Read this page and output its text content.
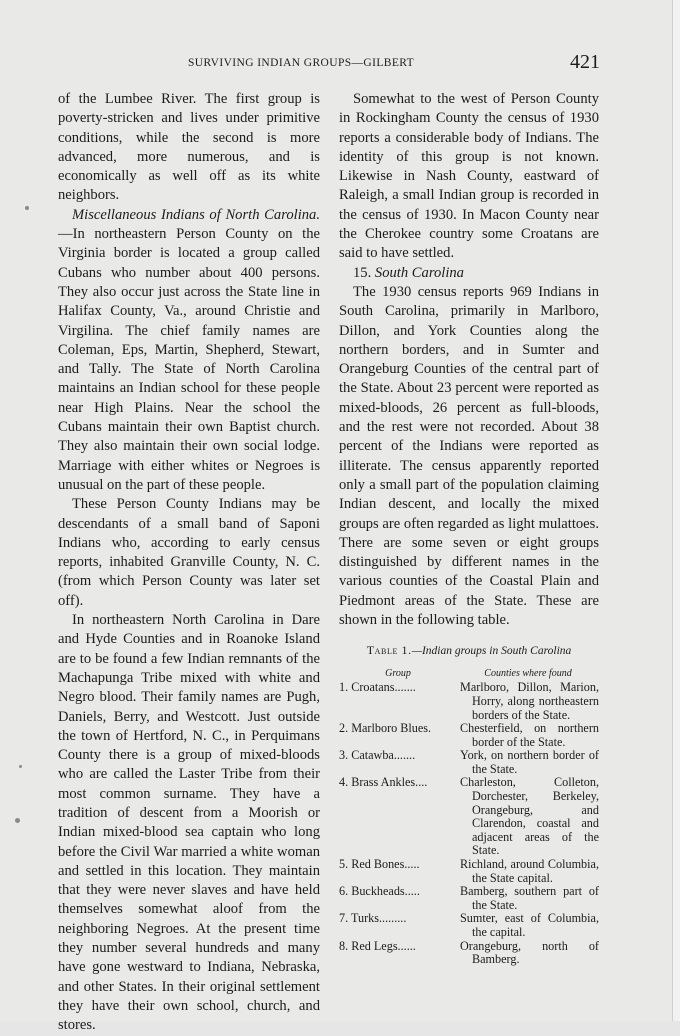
SURVIVING INDIAN GROUPS—GILBERT	421

of the Lumbee River. The first group is poverty-stricken and lives under primitive conditions, while the second is more advanced, more numerous, and is economically as well off as its white neighbors.

Miscellaneous Indians of North Carolina.—In northeastern Person County on the Virginia border is located a group called Cubans who number about 400 persons. They also occur just across the State line in Halifax County, Va., around Christie and Virgilina. The chief family names are Coleman, Eps, Martin, Shepherd, Stewart, and Tally. The State of North Carolina maintains an Indian school for these people near High Plains. Near the school the Cubans maintain their own Baptist church. They also maintain their own social lodge. Marriage with either whites or Negroes is unusual on the part of these people.

These Person County Indians may be descendants of a small band of Saponi Indians who, according to early census reports, inhabited Granville County, N. C. (from which Person County was later set off).

In northeastern North Carolina in Dare and Hyde Counties and in Roanoke Island are to be found a few Indian remnants of the Machapunga Tribe mixed with white and Negro blood. Their family names are Pugh, Daniels, Berry, and Westcott. Just outside the town of Hertford, N. C., in Perquimans County there is a group of mixed-bloods who are called the Laster Tribe from their most common surname. They have a tradition of descent from a Moorish or Indian mixed-blood sea captain who long before the Civil War married a white woman and settled in this location. They maintain that they were never slaves and have held themselves somewhat aloof from the neighboring Negroes. At the present time they number several hundreds and many have gone westward to Indiana, Nebraska, and other States. In their original settlement they have their own school, church, and stores.

Somewhat to the west of Person County in Rockingham County the census of 1930 reports a considerable body of Indians. The identity of this group is not known. Likewise in Nash County, eastward of Raleigh, a small Indian group is recorded in the census of 1930. In Macon County near the Cherokee country some Croatans are said to have settled.

15. South Carolina

The 1930 census reports 969 Indians in South Carolina, primarily in Marlboro, Dillon, and York Counties along the northern borders, and in Sumter and Orangeburg Counties of the central part of the State. About 23 percent were reported as mixed-bloods, 26 percent as full-bloods, and the rest were not recorded. About 38 percent of the Indians were reported as illiterate. The census apparently reported only a small part of the population claiming Indian descent, and locally the mixed groups are often regarded as light mulattoes. There are some seven or eight groups distinguished by different names in the various counties of the Coastal Plain and Piedmont areas of the State. These are shown in the following table.

Table 1.—Indian groups in South Carolina
Group	Counties where found
1. Croatans.......	Marlboro, Dillon, Marion, Horry, along northeastern borders of the State.
2. Marlboro Blues.	Chesterfield, on northern border of the State.
3. Catawba.......	York, on northern border of the State.
4. Brass Ankles....	Charleston, Colleton, Dorchester, Berkeley, Orangeburg, and Clarendon, coastal and adjacent areas of the State.
5. Red Bones.....	Richland, around Columbia, the State capital.
6. Buckheads.....	Bamberg, southern part of the State.
7. Turks.........	Sumter, east of Columbia, the capital.
8. Red Legs......	Orangeburg, north of Bamberg.
